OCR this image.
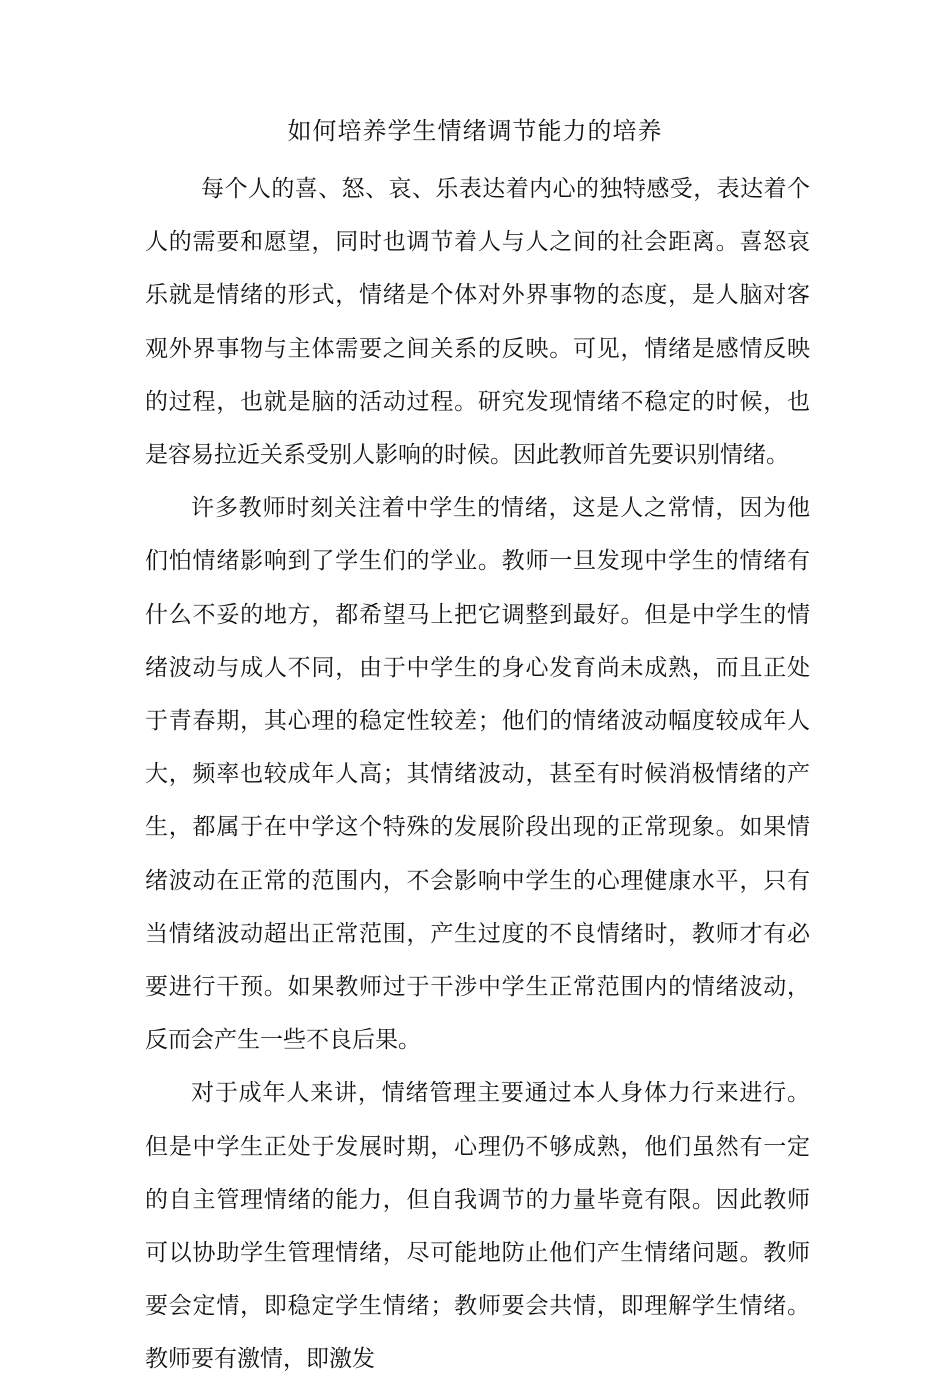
如何培养学生情绪调节能力的培养

每个人的喜、怒、哀、乐表达着内心的独特感受，表达着个人的需要和愿望，同时也调节着人与人之间的社会距离。喜怒哀乐就是情绪的形式，情绪是个体对外界事物的态度，是人脑对客观外界事物与主体需要之间关系的反映。可见，情绪是感情反映的过程，也就是脑的活动过程。研究发现情绪不稳定的时候，也是容易拉近关系受别人影响的时候。因此教师首先要识别情绪。

许多教师时刻关注着中学生的情绪，这是人之常情，因为他们怕情绪影响到了学生们的学业。教师一旦发现中学生的情绪有什么不妥的地方，都希望马上把它调整到最好。但是中学生的情绪波动与成人不同，由于中学生的身心发育尚未成熟，而且正处于青春期，其心理的稳定性较差；他们的情绪波动幅度较成年人大，频率也较成年人高；其情绪波动，甚至有时候消极情绪的产生，都属于在中学这个特殊的发展阶段出现的正常现象。如果情绪波动在正常的范围内，不会影响中学生的心理健康水平，只有当情绪波动超出正常范围，产生过度的不良情绪时，教师才有必要进行干预。如果教师过于干涉中学生正常范围内的情绪波动，反而会产生一些不良后果。

对于成年人来讲，情绪管理主要通过本人身体力行来进行。但是中学生正处于发展时期，心理仍不够成熟，他们虽然有一定的自主管理情绪的能力，但自我调节的力量毕竟有限。因此教师可以协助学生管理情绪，尽可能地防止他们产生情绪问题。教师要会定情，即稳定学生情绪；教师要会共情，即理解学生情绪。教师要有激情，即激发
